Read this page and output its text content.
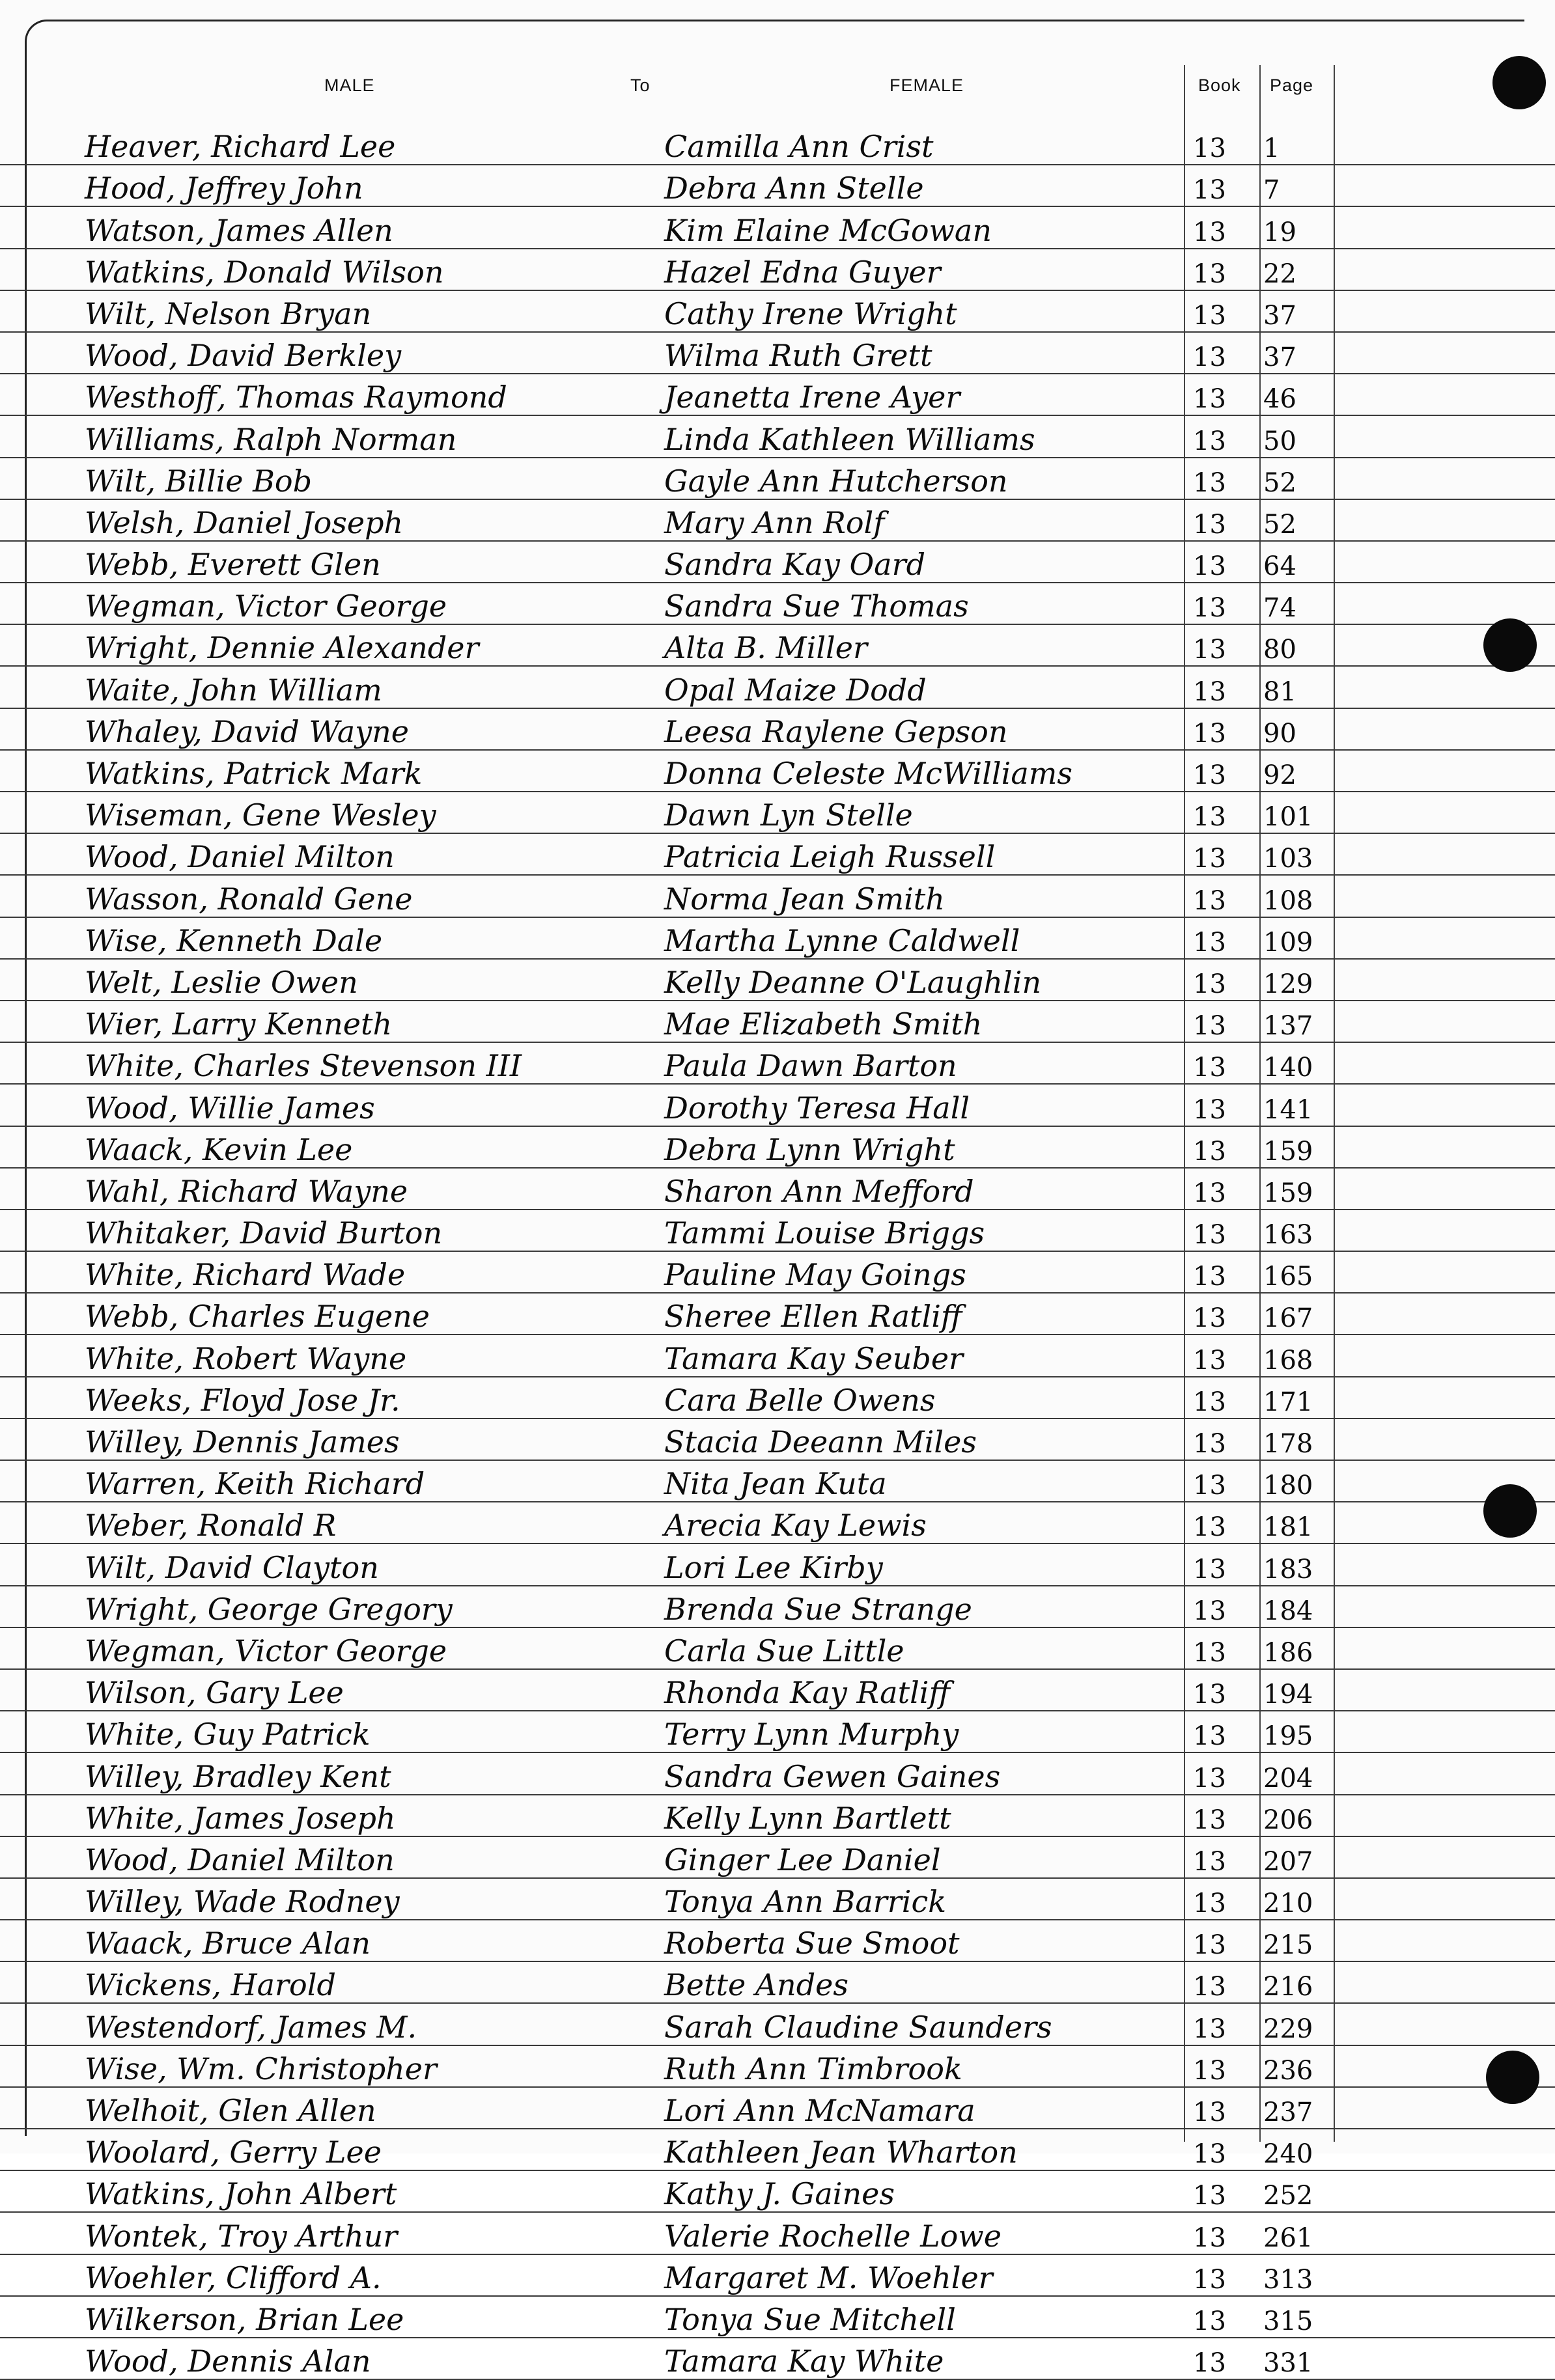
MALE	To	FEMALE	Book Page
Heaver, Richard Lee	Camilla Ann Crist	13 1
Hood, Jeffrey John	Debra Ann Stelle	13 7
Watson, James Allen	Kim Elaine McGowan	13 19
Watkins, Donald Wilson	Hazel Edna Guyer	13 22
Wilt, Nelson Bryan	Cathy Irene Wright	13 37
Wood, David Berkley	Wilma Ruth Grett	13 37
Westhoff, Thomas Raymond	Jeanetta Irene Ayer	13 46
Williams, Ralph Norman	Linda Kathleen Williams	13 50
Wilt, Billie Bob	Gayle Ann Hutcherson	13 52
Welsh, Daniel Joseph	Mary Ann Rolf	13 52
Webb, Everett Glen	Sandra Kay Oard	13 64
Wegman, Victor George	Sandra Sue Thomas	13 74
Wright, Dennie Alexander	Alta B. Miller	13 80
Waite, John William	Opal Maize Dodd	13 81
Whaley, David Wayne	Leesa Raylene Gepson	13 90
Watkins, Patrick Mark	Donna Celeste McWilliams	13 92
Wiseman, Gene Wesley	Dawn Lyn Stelle	13 101
Wood, Daniel Milton	Patricia Leigh Russell	13 103
Wasson, Ronald Gene	Norma Jean Smith	13 108
Wise, Kenneth Dale	Martha Lynne Caldwell	13 109
Welt, Leslie Owen	Kelly Deanne O'Laughlin	13 129
Wier, Larry Kenneth	Mae Elizabeth Smith	13 137
White, Charles Stevenson III	Paula Dawn Barton	13 140
Wood, Willie James	Dorothy Teresa Hall	13 141
Waack, Kevin Lee	Debra Lynn Wright	13 159
Wahl, Richard Wayne	Sharon Ann Mefford	13 159
Whitaker, David Burton	Tammi Louise Briggs	13 163
White, Richard Wade	Pauline May Goings	13 165
Webb, Charles Eugene	Sheree Ellen Ratliff	13 167
White, Robert Wayne	Tamara Kay Seuber	13 168
Weeks, Floyd Jose Jr.	Cara Belle Owens	13 171
Willey, Dennis James	Stacia Deeann Miles	13 178
Warren, Keith Richard	Nita Jean Kuta	13 180
Weber, Ronald R	Arecia Kay Lewis	13 181
Wilt, David Clayton	Lori Lee Kirby	13 183
Wright, George Gregory	Brenda Sue Strange	13 184
Wegman, Victor George	Carla Sue Little	13 186
Wilson, Gary Lee	Rhonda Kay Ratliff	13 194
White, Guy Patrick	Terry Lynn Murphy	13 195
Willey, Bradley Kent	Sandra Gewen Gaines	13 204
White, James Joseph	Kelly Lynn Bartlett	13 206
Wood, Daniel Milton	Ginger Lee Daniel	13 207
Willey, Wade Rodney	Tonya Ann Barrick	13 210
Waack, Bruce Alan	Roberta Sue Smoot	13 215
Wickens, Harold	Bette Andes	13 216
Westendorf, James M.	Sarah Claudine Saunders	13 229
Wise, Wm. Christopher	Ruth Ann Timbrook	13 236
Welhoit, Glen Allen	Lori Ann McNamara	13 237
Woolard, Gerry Lee	Kathleen Jean Wharton	13 240
Watkins, John Albert	Kathy J. Gaines	13 252
Wontek, Troy Arthur	Valerie Rochelle Lowe	13 261
Woehler, Clifford A.	Margaret M. Woehler	13 313
Wilkerson, Brian Lee	Tonya Sue Mitchell	13 315
Wood, Dennis Alan	Tamara Kay White	13 331
